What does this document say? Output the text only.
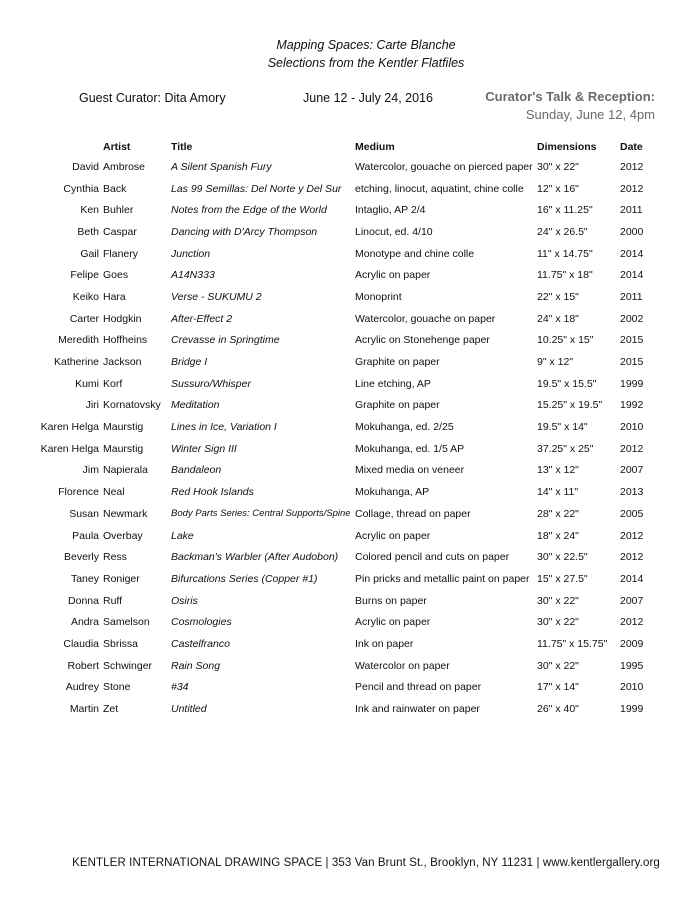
Mapping Spaces: Carte Blanche
Selections from the Kentler Flatfiles
Guest Curator: Dita Amory	June 12 - July 24, 2016	Curator's Talk & Reception:
Sunday, June 12, 4pm
	Artist	Title	Medium	Dimensions	Date
David	Ambrose	A Silent Spanish Fury	Watercolor, gouache on pierced paper	30" x 22"	2012
Cynthia	Back	Las 99 Semillas: Del Norte y Del Sur	etching, linocut, aquatint, chine colle	12" x 16"	2012
Ken	Buhler	Notes from the Edge of the World	Intaglio, AP 2/4	16" x 11.25"	2011
Beth	Caspar	Dancing with D'Arcy Thompson	Linocut, ed. 4/10	24" x 26.5"	2000
Gail	Flanery	Junction	Monotype and chine colle	11" x 14.75"	2014
Felipe	Goes	A14N333	Acrylic on paper	11.75" x 18"	2014
Keiko	Hara	Verse - SUKUMU 2	Monoprint	22" x 15"	2011
Carter	Hodgkin	After-Effect 2	Watercolor, gouache on paper	24" x 18"	2002
Meredith	Hoffheins	Crevasse in Springtime	Acrylic on Stonehenge paper	10.25" x 15"	2015
Katherine	Jackson	Bridge I	Graphite on paper	9" x 12"	2015
Kumi	Korf	Sussuro/Whisper	Line etching, AP	19.5" x 15.5"	1999
Jiri	Kornatovsky	Meditation	Graphite on paper	15.25" x 19.5"	1992
Karen Helga	Maurstig	Lines in Ice, Variation I	Mokuhanga, ed. 2/25	19.5" x 14"	2010
Karen Helga	Maurstig	Winter Sign III	Mokuhanga, ed. 1/5 AP	37.25" x 25"	2012
Jim	Napierala	Bandaleon	Mixed media on veneer	13" x 12"	2007
Florence	Neal	Red Hook Islands	Mokuhanga, AP	14" x 11"	2013
Susan	Newmark	Body Parts Series: Central Supports/Spine	Collage, thread on paper	28" x 22"	2005
Paula	Overbay	Lake	Acrylic on paper	18" x 24"	2012
Beverly	Ress	Backman's Warbler (After Audobon)	Colored pencil and cuts on paper	30" x 22.5"	2012
Taney	Roniger	Bifurcations Series (Copper #1)	Pin pricks and metallic paint on paper	15" x 27.5"	2014
Donna	Ruff	Osiris	Burns on paper	30" x 22"	2007
Andra	Samelson	Cosmologies	Acrylic on paper	30" x 22"	2012
Claudia	Sbrissa	Castelfranco	Ink on paper	11.75" x 15.75"	2009
Robert	Schwinger	Rain Song	Watercolor on paper	30" x 22"	1995
Audrey	Stone	#34	Pencil and thread on paper	17" x 14"	2010
Martin	Zet	Untitled	Ink and rainwater on paper	26" x 40"	1999
KENTLER INTERNATIONAL DRAWING SPACE | 353 Van Brunt St., Brooklyn, NY 11231 | www.kentlergallery.org
